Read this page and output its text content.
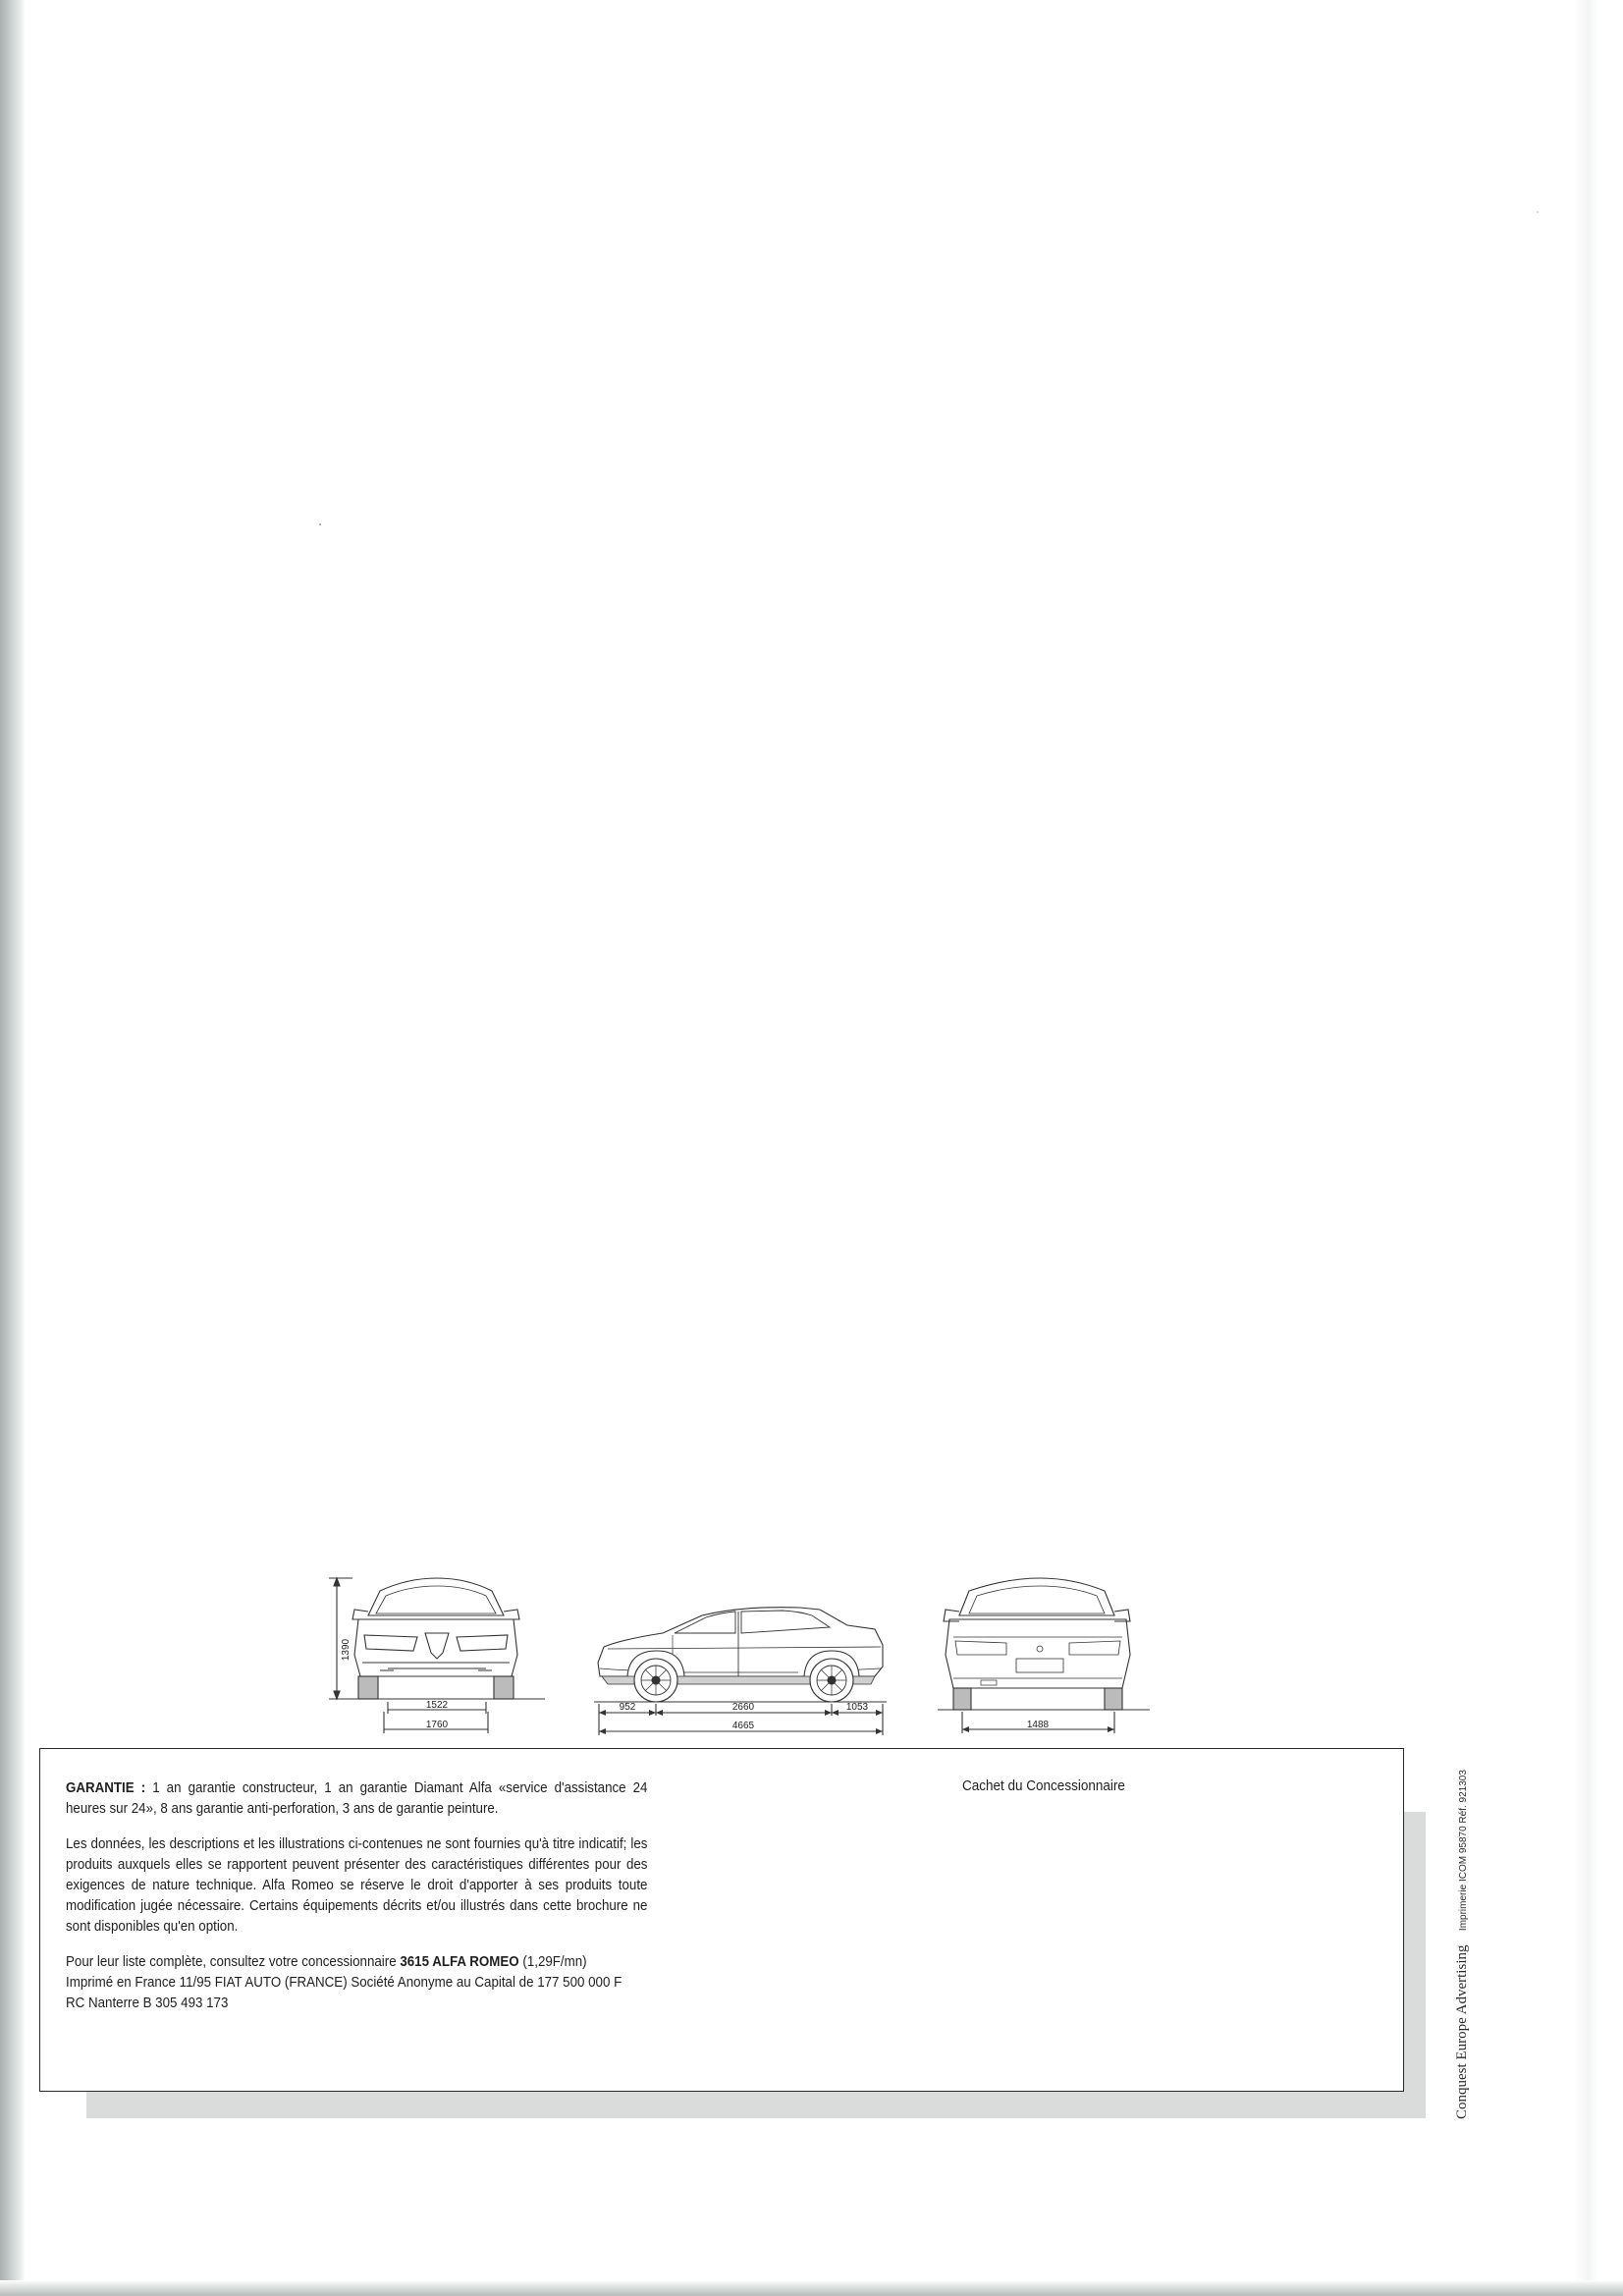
1390
1522
1760
952	2660	1053
4665	1488

GARANTIE : 1 an garantie constructeur, 1 an garantie Diamant Alfa «service d'assistance 24 heures sur 24», 8 ans garantie anti-perforation, 3 ans de garantie peinture.

Les données, les descriptions et les illustrations ci-contenues ne sont fournies qu'à titre indicatif; les produits auxquels elles se rapportent peuvent présenter des caractéristiques différentes pour des exigences de nature technique. Alfa Romeo se réserve le droit d'apporter à ses produits toute modification jugée nécessaire. Certains équipements décrits et/ou illustrés dans cette brochure ne sont disponibles qu'en option.

Pour leur liste complète, consultez votre concessionnaire 3615 ALFA ROMEO (1,29F/mn)

Imprimé en France 11/95 FIAT AUTO (FRANCE) Société Anonyme au Capital de 177 500 000 F

RC Nanterre B 305 493 173

Cachet du Concessionnaire
Conquest Europe Advertising Imprimerie ICOM 95870 Réf. 921303
